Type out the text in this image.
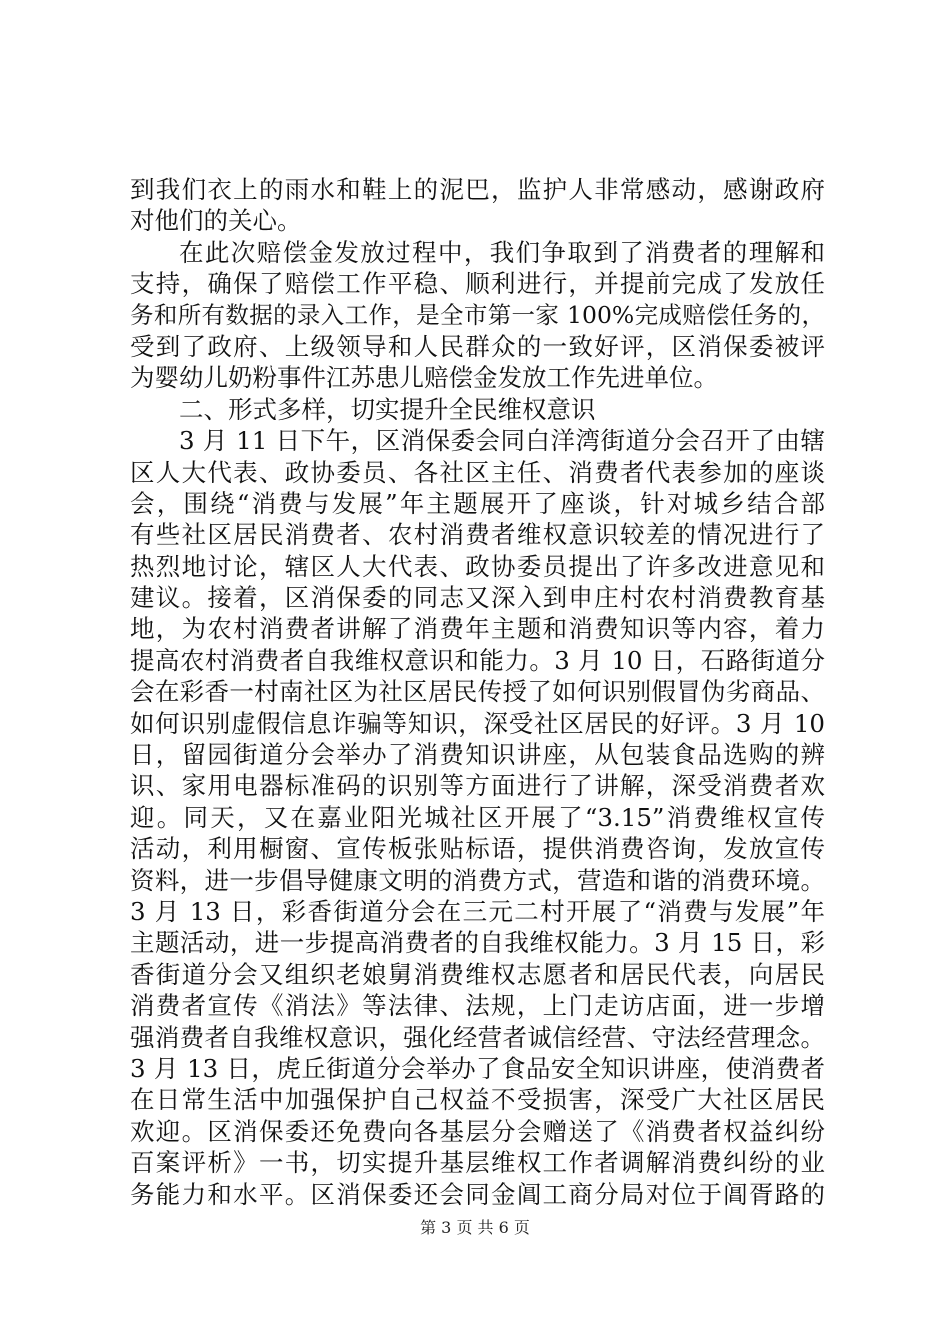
到我们衣上的雨水和鞋上的泥巴，监护人非常感动，感谢政府
对他们的关心。
在此次赔偿金发放过程中，我们争取到了消费者的理解和
支持，确保了赔偿工作平稳、顺利进行，并提前完成了发放任
务和所有数据的录入工作，是全市第一家 100%完成赔偿任务的，
受到了政府、上级领导和人民群众的一致好评，区消保委被评
为婴幼儿奶粉事件江苏患儿赔偿金发放工作先进单位。
二、形式多样，切实提升全民维权意识
3 月 11 日下午，区消保委会同白洋湾街道分会召开了由辖
区人大代表、政协委员、各社区主任、消费者代表参加的座谈
会，围绕“消费与发展”年主题展开了座谈，针对城乡结合部
有些社区居民消费者、农村消费者维权意识较差的情况进行了
热烈地讨论，辖区人大代表、政协委员提出了许多改进意见和
建议。接着，区消保委的同志又深入到申庄村农村消费教育基
地，为农村消费者讲解了消费年主题和消费知识等内容，着力
提高农村消费者自我维权意识和能力。3 月 10 日，石路街道分
会在彩香一村南社区为社区居民传授了如何识别假冒伪劣商品、
如何识别虚假信息诈骗等知识，深受社区居民的好评。3 月 10
日，留园街道分会举办了消费知识讲座，从包装食品选购的辨
识、家用电器标准码的识别等方面进行了讲解，深受消费者欢
迎。同天，又在嘉业阳光城社区开展了“3.15”消费维权宣传
活动，利用橱窗、宣传板张贴标语，提供消费咨询，发放宣传
资料，进一步倡导健康文明的消费方式，营造和谐的消费环境。
3 月 13 日，彩香街道分会在三元二村开展了“消费与发展”年
主题活动，进一步提高消费者的自我维权能力。3 月 15 日，彩
香街道分会又组织老娘舅消费维权志愿者和居民代表，向居民
消费者宣传《消法》等法律、法规，上门走访店面，进一步增
强消费者自我维权意识，强化经营者诚信经营、守法经营理念。
3 月 13 日，虎丘街道分会举办了食品安全知识讲座，使消费者
在日常生活中加强保护自己权益不受损害，深受广大社区居民
欢迎。区消保委还免费向各基层分会赠送了《消费者权益纠纷
百案评析》一书，切实提升基层维权工作者调解消费纠纷的业
务能力和水平。区消保委还会同金阊工商分局对位于阊胥路的
第 3 页 共 6 页
